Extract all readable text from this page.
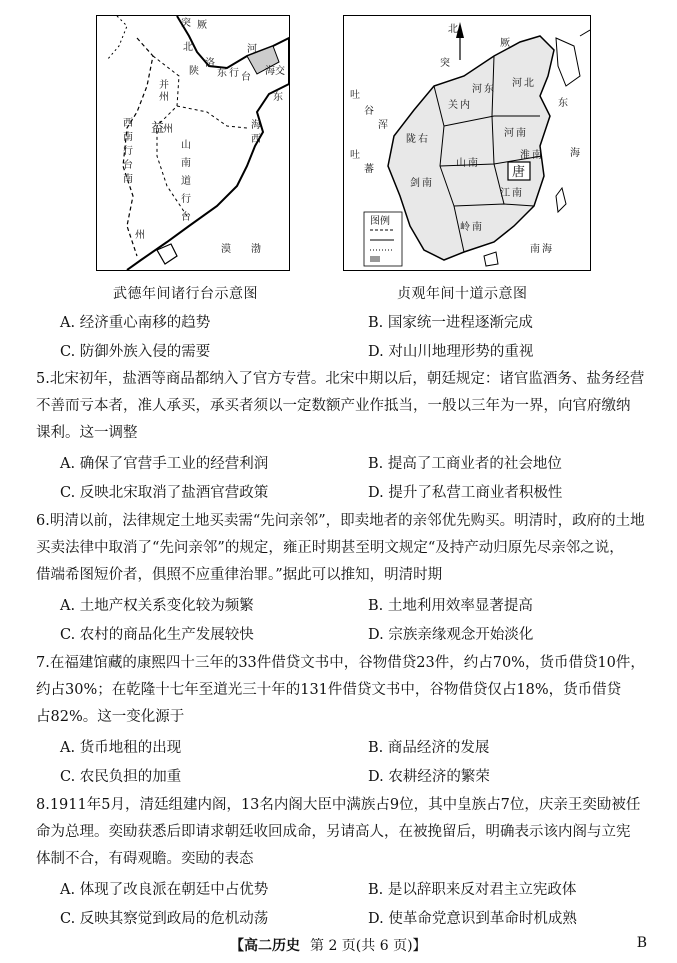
突 厥
河
东
北
洛
陕 东 行 台
并
州
益
州
山
南
道
行
台
西
南
行
台
南
海
西
漠 渤
海 交
州
图例
北
突
厥
吐
谷
浑
吐
蕃
关 内
河 北
河 东
陇 右
河 南
淮 南
剑 南
江 南
岭 南
山 南
东
海
南 海
唐
武德年间诸行台示意图	贞观年间十道示意图
A. 经济重心南移的趋势	B. 国家统一进程逐渐完成
C. 防御外族入侵的需要	D. 对山川地理形势的重视
5.北宋初年，盐酒等商品都纳入了官方专营。北宋中期以后，朝廷规定：诸官监酒务、盐务经营
不善而亏本者，准人承买，承买者须以一定数额产业作抵当，一般以三年为一界，向官府缴纳
课利。这一调整
A. 确保了官营手工业的经营利润	B. 提高了工商业者的社会地位
C. 反映北宋取消了盐酒官营政策	D. 提升了私营工商业者积极性
6.明清以前，法律规定土地买卖需“先问亲邻”，即卖地者的亲邻优先购买。明清时，政府的土地
买卖法律中取消了“先问亲邻”的规定，雍正时期甚至明文规定“及持产动归原先尽亲邻之说，
借端希图短价者，俱照不应重律治罪。”据此可以推知，明清时期
A. 土地产权关系变化较为频繁	B. 土地利用效率显著提高
C. 农村的商品化生产发展较快	D. 宗族亲缘观念开始淡化
7.在福建馆藏的康熙四十三年的33件借贷文书中，谷物借贷23件，约占70%，货币借贷10件，
约占30%；在乾隆十七年至道光三十年的131件借贷文书中，谷物借贷仅占18%，货币借贷
占82%。这一变化源于
A. 货币地租的出现	B. 商品经济的发展
C. 农民负担的加重	D. 农耕经济的繁荣
8.1911年5月，清廷组建内阁，13名内阁大臣中满族占9位，其中皇族占7位，庆亲王奕劻被任
命为总理。奕劻获悉后即请求朝廷收回成命，另请高人，在被挽留后，明确表示该内阁与立宪
体制不合，有碍观瞻。奕劻的表态
A. 体现了改良派在朝廷中占优势	B. 是以辞职来反对君主立宪政体
C. 反映其察觉到政局的危机动荡	D. 使革命党意识到革命时机成熟
【高二历史 第 2 页(共 6 页)】	B
